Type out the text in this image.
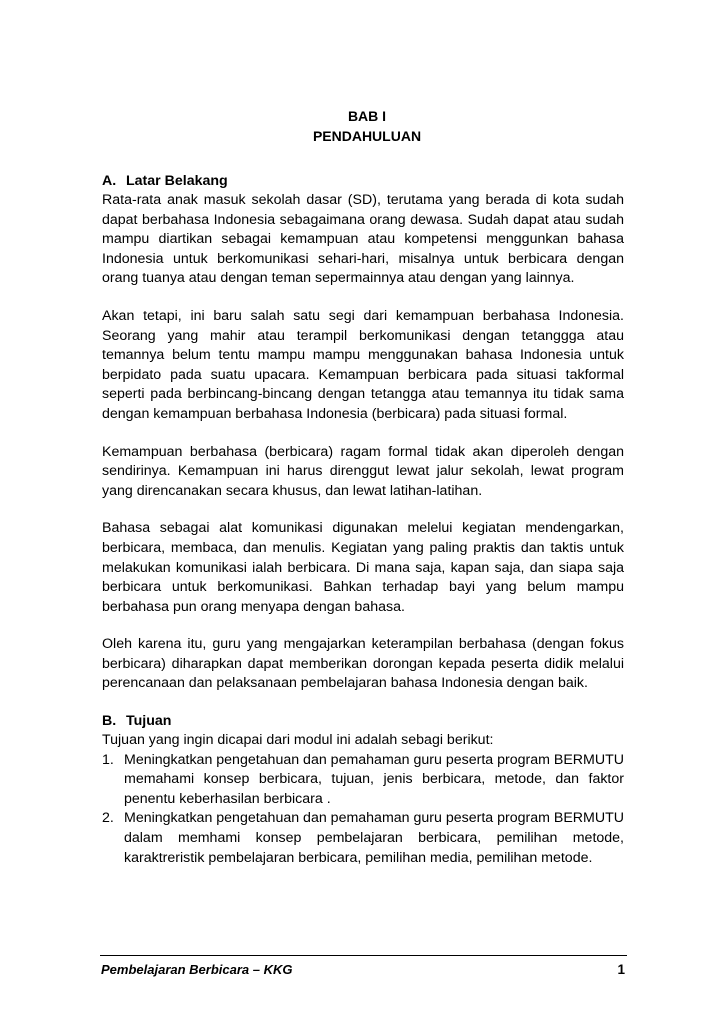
BAB I
PENDAHULUAN
A. Latar Belakang

Rata-rata anak masuk sekolah dasar (SD), terutama yang berada di kota sudah dapat berbahasa Indonesia sebagaimana orang dewasa. Sudah dapat atau sudah mampu diartikan sebagai kemampuan atau kompetensi menggunkan bahasa Indonesia untuk berkomunikasi sehari-hari, misalnya untuk berbicara dengan orang tuanya atau dengan teman sepermainnya atau dengan yang lainnya.

Akan tetapi, ini baru salah satu segi dari kemampuan berbahasa Indonesia. Seorang yang mahir atau terampil berkomunikasi dengan tetanggga atau temannya belum tentu mampu mampu menggunakan bahasa Indonesia untuk berpidato pada suatu upacara. Kemampuan berbicara pada situasi takformal seperti pada berbincang-bincang dengan tetangga atau temannya itu tidak sama dengan kemampuan berbahasa Indonesia (berbicara) pada situasi formal.

Kemampuan berbahasa (berbicara) ragam formal tidak akan diperoleh dengan sendirinya. Kemampuan ini harus direnggut lewat jalur sekolah, lewat program yang direncanakan secara khusus, dan lewat latihan-latihan.

Bahasa sebagai alat komunikasi digunakan melelui kegiatan mendengarkan, berbicara, membaca, dan menulis. Kegiatan yang paling praktis dan taktis untuk melakukan komunikasi ialah berbicara. Di mana saja, kapan saja, dan siapa saja berbicara untuk berkomunikasi. Bahkan terhadap bayi yang belum mampu berbahasa pun orang menyapa dengan bahasa.

Oleh karena itu, guru yang mengajarkan keterampilan berbahasa (dengan fokus berbicara) diharapkan dapat memberikan dorongan kepada peserta didik melalui perencanaan dan pelaksanaan pembelajaran bahasa Indonesia dengan baik.

B. Tujuan

Tujuan yang ingin dicapai dari modul ini adalah sebagi berikut:

1. Meningkatkan pengetahuan dan pemahaman guru peserta program BERMUTU memahami konsep berbicara, tujuan, jenis berbicara, metode, dan faktor penentu keberhasilan berbicara .
2. Meningkatkan pengetahuan dan pemahaman guru peserta program BERMUTU dalam memhami konsep pembelajaran berbicara, pemilihan metode, karaktreristik pembelajaran berbicara, pemilihan media, pemilihan metode.
Pembelajaran Berbicara – KKG	1
